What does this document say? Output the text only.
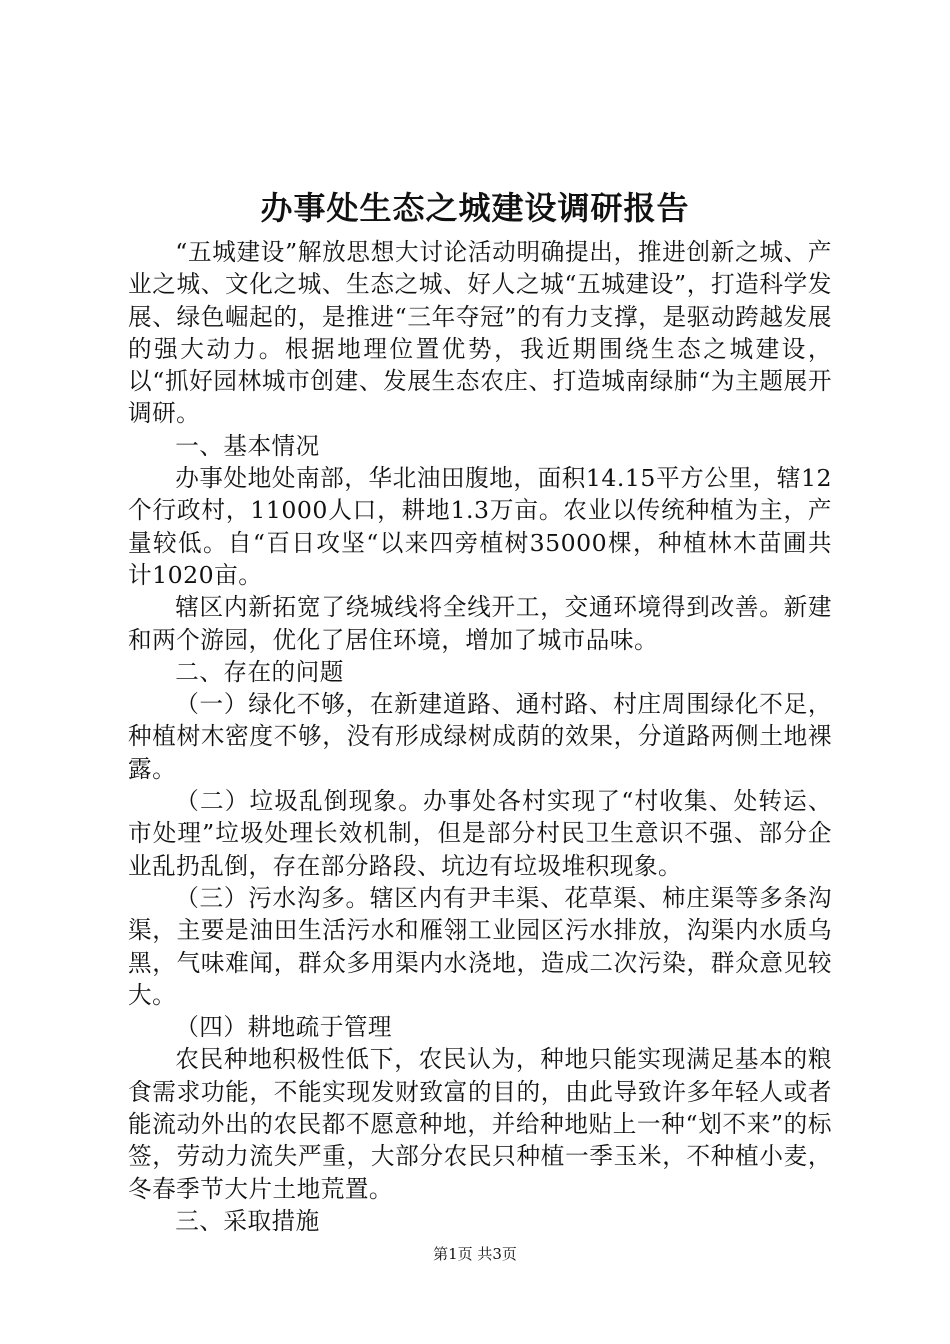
办事处生态之城建设调研报告

“五城建设”解放思想大讨论活动明确提出，推进创新之城、产业之城、文化之城、生态之城、好人之城“五城建设”，打造科学发展、绿色崛起的，是推进“三年夺冠”的有力支撑，是驱动跨越发展的强大动力。根据地理位置优势，我近期围绕生态之城建设，以“抓好园林城市创建、发展生态农庄、打造城南绿肺“为主题展开调研。

一、基本情况

办事处地处南部，华北油田腹地，面积14.15平方公里，辖12个行政村，11000人口，耕地1.3万亩。农业以传统种植为主，产量较低。自“百日攻坚“以来四旁植树35000棵，种植林木苗圃共计1020亩。

辖区内新拓宽了绕城线将全线开工，交通环境得到改善。新建和两个游园，优化了居住环境，增加了城市品味。

二、存在的问题

（一）绿化不够，在新建道路、通村路、村庄周围绿化不足，种植树木密度不够，没有形成绿树成荫的效果，分道路两侧土地裸露。

（二）垃圾乱倒现象。办事处各村实现了“村收集、处转运、市处理”垃圾处理长效机制，但是部分村民卫生意识不强、部分企业乱扔乱倒，存在部分路段、坑边有垃圾堆积现象。

（三）污水沟多。辖区内有尹丰渠、花草渠、柿庄渠等多条沟渠，主要是油田生活污水和雁翎工业园区污水排放，沟渠内水质乌黑，气味难闻，群众多用渠内水浇地，造成二次污染，群众意见较大。

（四）耕地疏于管理

农民种地积极性低下，农民认为，种地只能实现满足基本的粮食需求功能，不能实现发财致富的目的，由此导致许多年轻人或者能流动外出的农民都不愿意种地，并给种地贴上一种“划不来”的标签，劳动力流失严重，大部分农民只种植一季玉米，不种植小麦，冬春季节大片土地荒置。

三、采取措施

第1页 共3页
